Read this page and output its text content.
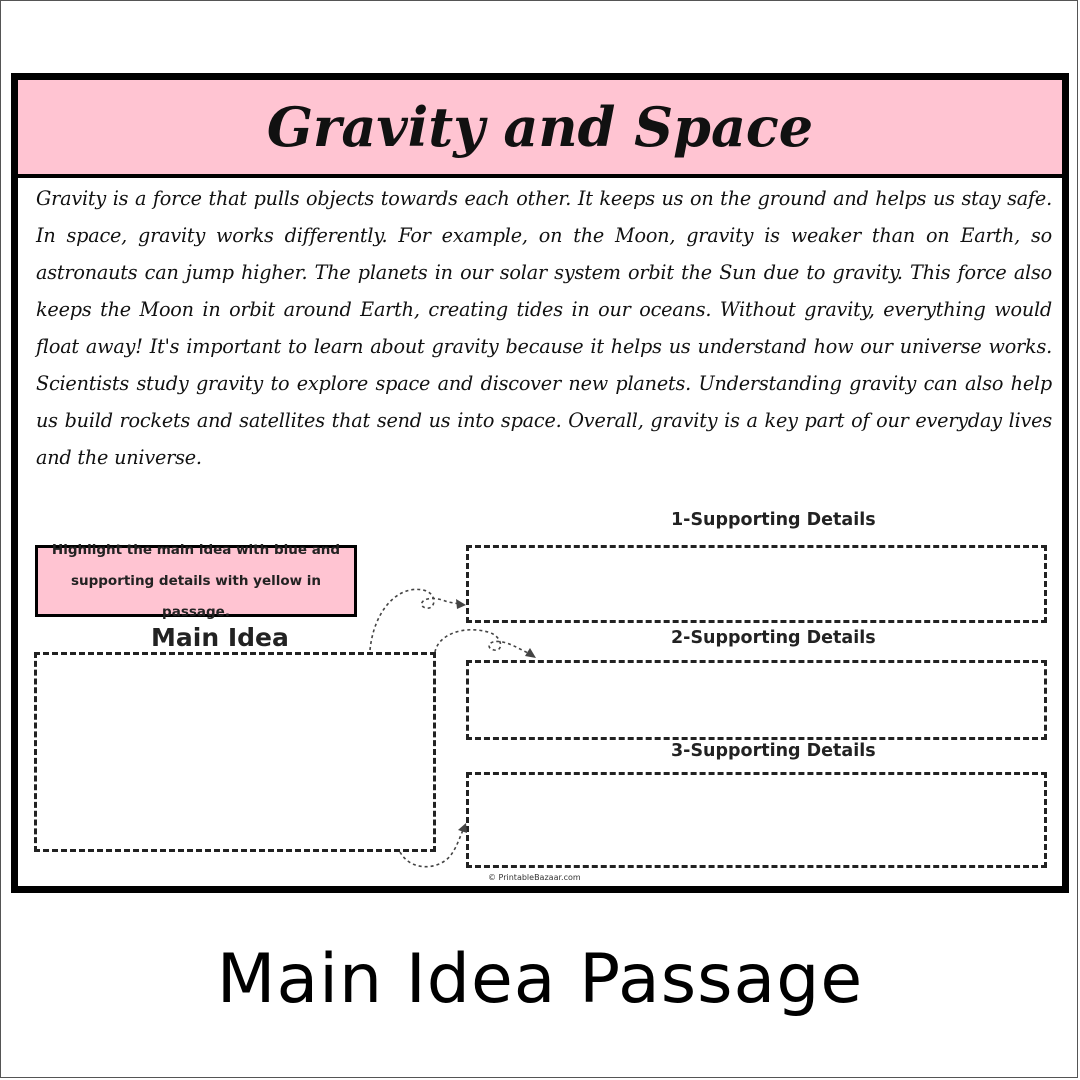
Gravity and Space
Gravity is a force that pulls objects towards each other. It keeps us on the ground and helps us stay safe. In space, gravity works differently. For example, on the Moon, gravity is weaker than on Earth, so astronauts can jump higher. The planets in our solar system orbit the Sun due to gravity. This force also keeps the Moon in orbit around Earth, creating tides in our oceans. Without gravity, everything would float away! It's important to learn about gravity because it helps us understand how our universe works. Scientists study gravity to explore space and discover new planets. Understanding gravity can also help us build rockets and satellites that send us into space. Overall, gravity is a key part of our everyday lives and the universe.
Highlight the main idea with blue and supporting details with yellow in passage.
Main Idea
1-Supporting Details
2-Supporting Details
3-Supporting Details
© PrintableBazaar.com
Main Idea Passage
